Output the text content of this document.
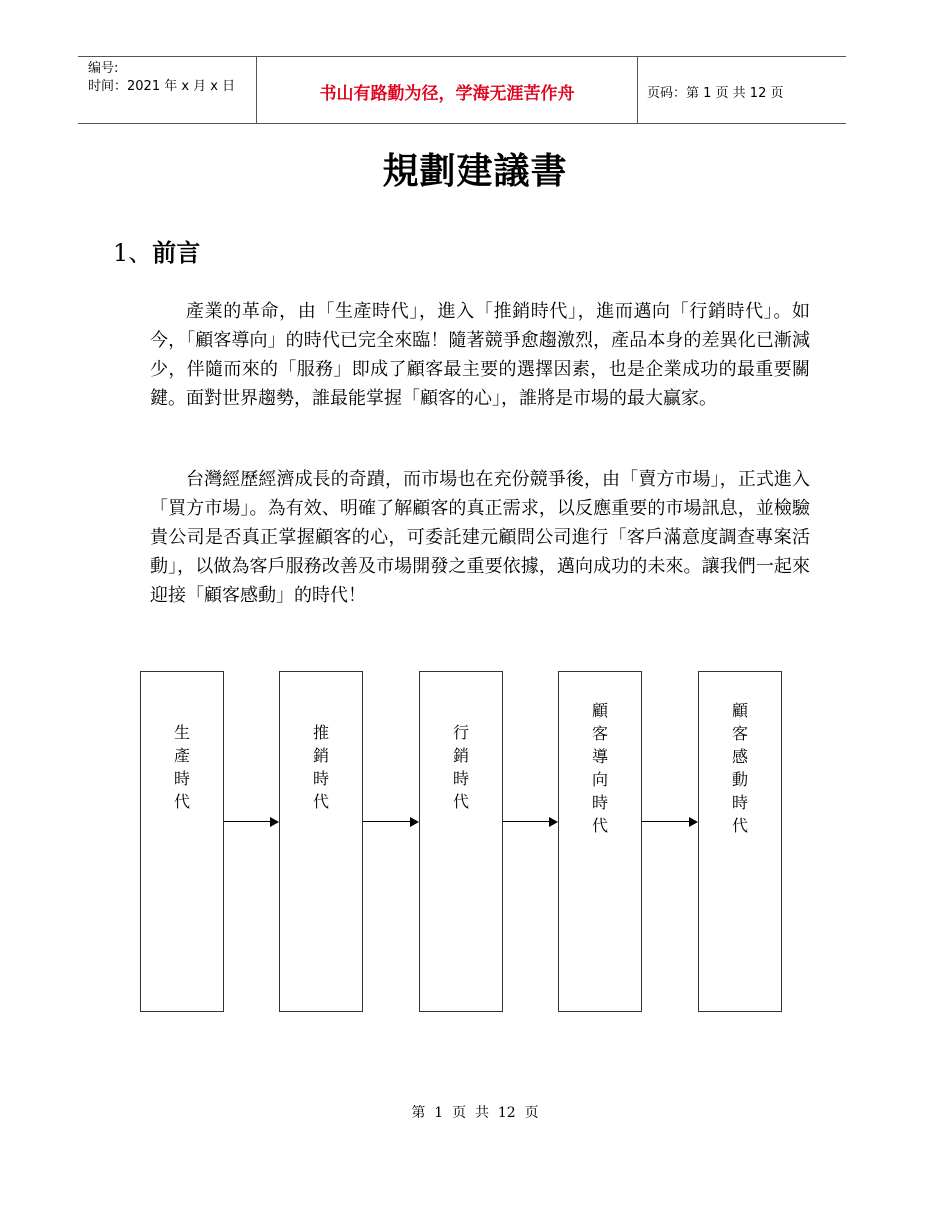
编号:
时间：2021 年 x 月 x 日	书山有路勤为径，学海无涯苦作舟	页码：第 1 页 共 12 页
規劃建議書
1、前言

產業的革命，由「生產時代」，進入「推銷時代」，進而邁向「行銷時代」。如今，「顧客導向」的時代已完全來臨！隨著競爭愈趨激烈，產品本身的差異化已漸減少，伴隨而來的「服務」即成了顧客最主要的選擇因素，也是企業成功的最重要關鍵。面對世界趨勢，誰最能掌握「顧客的心」，誰將是市場的最大贏家。

台灣經歷經濟成長的奇蹟，而市場也在充份競爭後，由「賣方市場」，正式進入「買方市場」。為有效、明確了解顧客的真正需求，以反應重要的市場訊息，並檢驗貴公司是否真正掌握顧客的心，可委託建元顧問公司進行「客戶滿意度調查專案活動」，以做為客戶服務改善及市場開發之重要依據，邁向成功的未來。讓我們一起來迎接「顧客感動」的時代！

生
產
時
代
推
銷
時
代
行
銷
時
代
顧
客
導
向
時
代
顧
客
感
動
時
代
第  1  页  共  12  页
